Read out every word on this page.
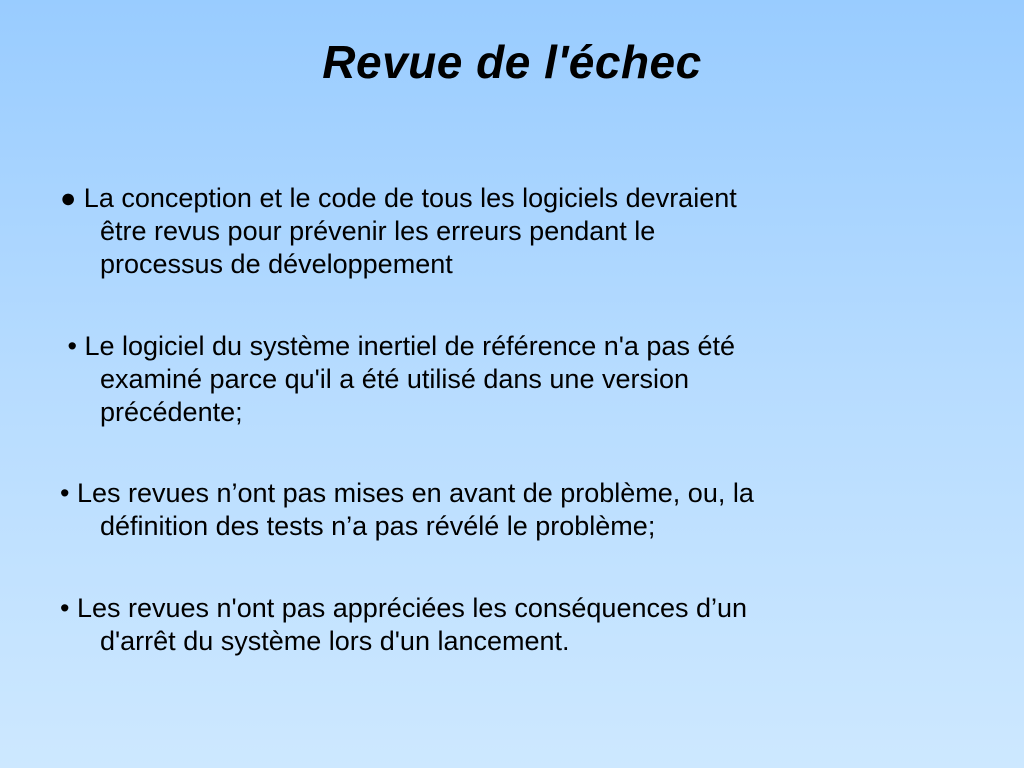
Revue de l'échec
● La conception et le code de tous les logiciels devraient
être revus pour prévenir les erreurs pendant le
processus de développement
• Le logiciel du système inertiel de référence n'a pas été
examiné parce qu'il a été utilisé dans une version
précédente;
• Les revues n’ont pas mises en avant de problème, ou, la
définition des tests n’a pas révélé le problème;
• Les revues n'ont pas appréciées les conséquences d’un
d'arrêt du système lors d'un lancement.
